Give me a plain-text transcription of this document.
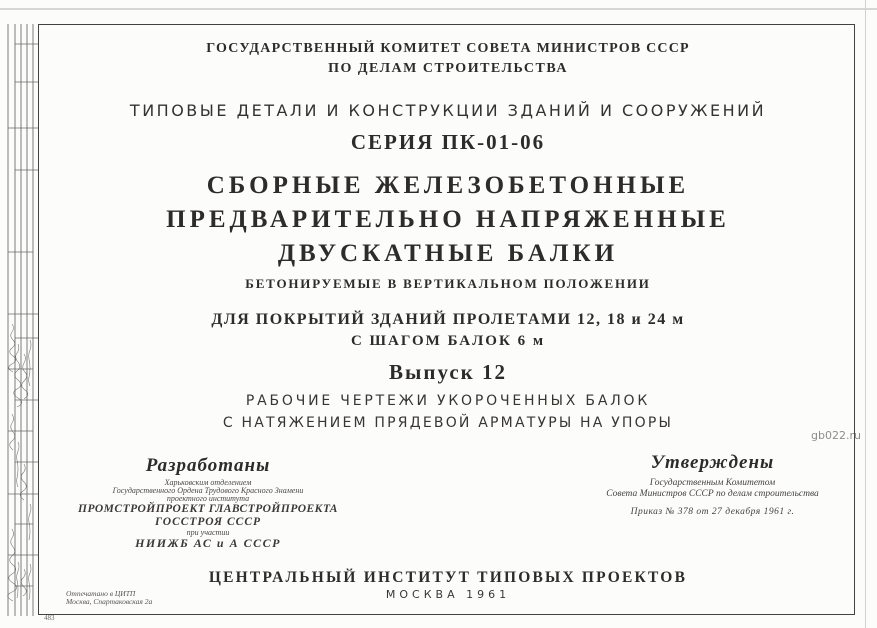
ГОСУДАРСТВЕННЫЙ КОМИТЕТ СОВЕТА МИНИСТРОВ СССР
ПО ДЕЛАМ СТРОИТЕЛЬСТВА
ТИПОВЫЕ ДЕТАЛИ И КОНСТРУКЦИИ ЗДАНИЙ И СООРУЖЕНИЙ
СЕРИЯ ПК-01-06
СБОРНЫЕ ЖЕЛЕЗОБЕТОННЫЕ
ПРЕДВАРИТЕЛЬНО НАПРЯЖЕННЫЕ
ДВУСКАТНЫЕ БАЛКИ
БЕТОНИРУЕМЫЕ В ВЕРТИКАЛЬНОМ ПОЛОЖЕНИИ
ДЛЯ ПОКРЫТИЙ ЗДАНИЙ ПРОЛЕТАМИ 12, 18 и 24 м
С ШАГОМ БАЛОК 6 м
Выпуск 12
РАБОЧИЕ ЧЕРТЕЖИ УКОРОЧЕННЫХ БАЛОК
С НАТЯЖЕНИЕМ ПРЯДЕВОЙ АРМАТУРЫ НА УПОРЫ
Разработаны
Харьковским отделением
Государственного Ордена Трудового Красного Знамени
проектного института
ПРОМСТРОЙПРОЕКТ ГЛАВСТРОЙПРОЕКТА
ГОССТРОЯ СССР
при участии
НИИЖБ АС и А СССР
Утверждены
Государственным Комитетом
Совета Министров СССР по делам строительства
Приказ № 378 от 27 декабря 1961 г.
ЦЕНТРАЛЬНЫЙ ИНСТИТУТ ТИПОВЫХ ПРОЕКТОВ
МОСКВА 1961
Отпечатано в ЦИТП
Москва, Спартаковская 2а
gb022.ru
483
